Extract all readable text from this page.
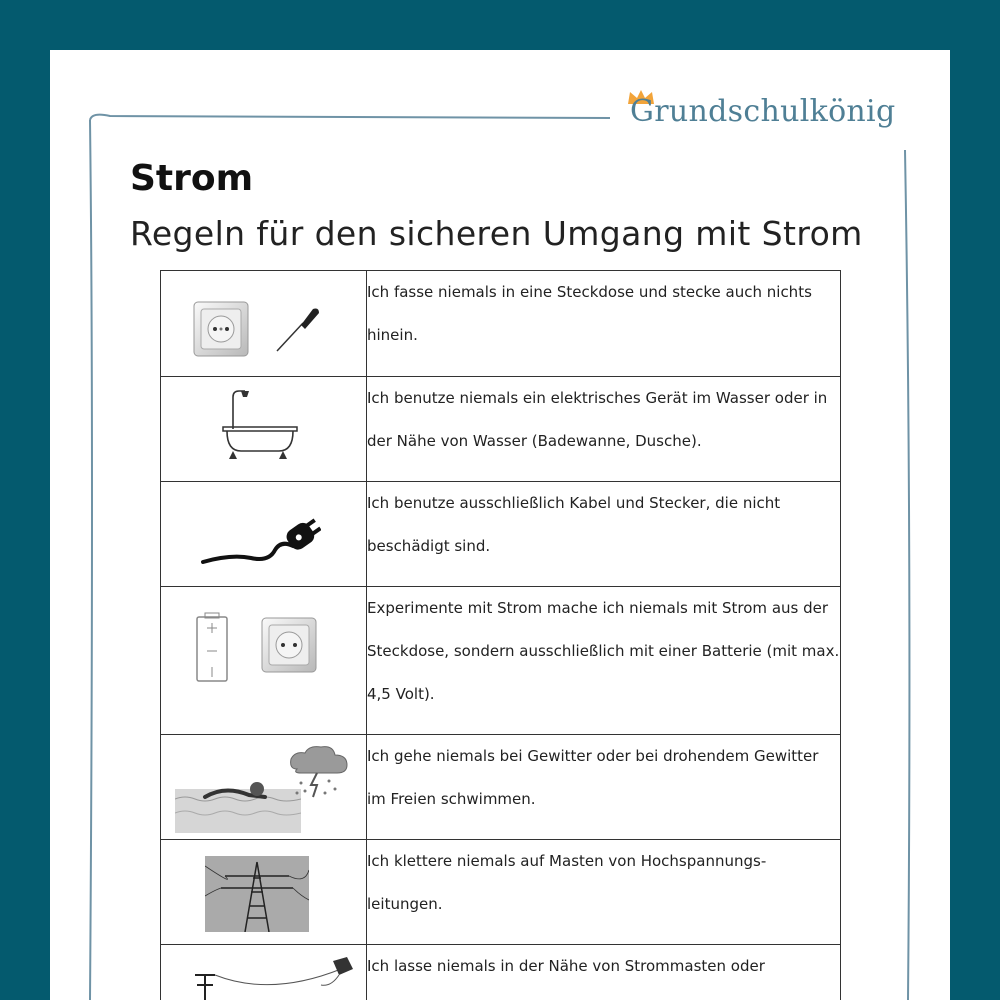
Grundschulkönig
Strom
Regeln für den sicheren Umgang mit Strom
	Ich fasse niemals in eine Steckdose und stecke auch nichts hinein.

	Ich benutze niemals ein elektrisches Gerät im Wasser oder in der Nähe von Wasser (Badewanne, Dusche).

	Ich benutze ausschließlich Kabel und Stecker, die nicht beschädigt sind.

	Experimente mit Strom mache ich niemals mit Strom aus der Steckdose, sondern ausschließlich mit einer Batterie (mit max. 4,5 Volt).

	Ich gehe niemals bei Gewitter oder bei drohendem Gewitter im Freien schwimmen.

	Ich klettere niemals auf Masten von Hochspannungs-leitungen.

	Ich lasse niemals in der Nähe von Strommasten oder
